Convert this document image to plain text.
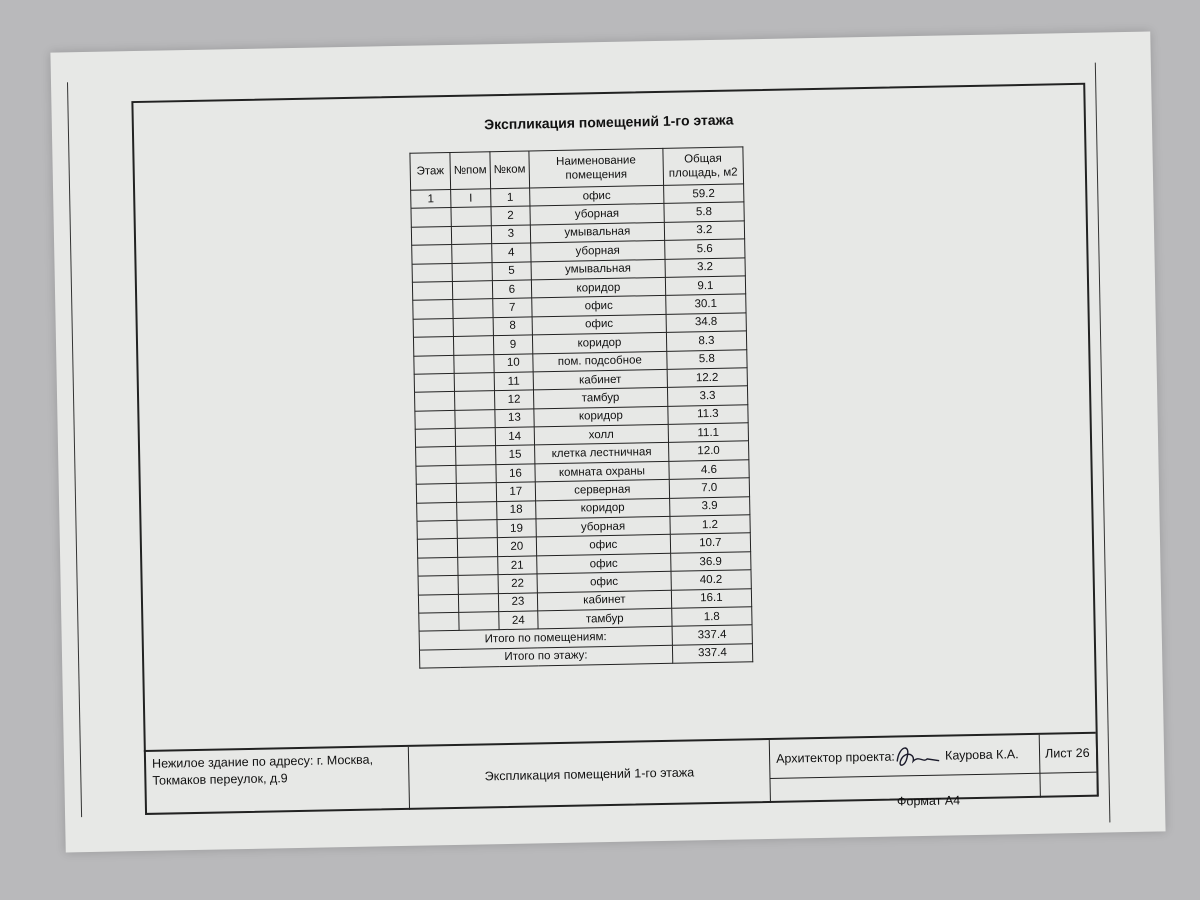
Экспликация помещений 1-го этажа
Этаж	№пом	№ком	Наименование помещения	Общая площадь, м2
1	I	1	офис	59.2
		2	уборная	5.8
		3	умывальная	3.2
		4	уборная	5.6
		5	умывальная	3.2
		6	коридор	9.1
		7	офис	30.1
		8	офис	34.8
		9	коридор	8.3
		10	пом. подсобное	5.8
		11	кабинет	12.2
		12	тамбур	3.3
		13	коридор	11.3
		14	холл	11.1
		15	клетка лестничная	12.0
		16	комната охраны	4.6
		17	серверная	7.0
		18	коридор	3.9
		19	уборная	1.2
		20	офис	10.7
		21	офис	36.9
		22	офис	40.2
		23	кабинет	16.1
		24	тамбур	1.8
Итого по помещениям:				337.4
Итого по этажу:				337.4
Нежилое здание по адресу: г. Москва,
Токмаков переулок, д.9	Экспликация помещений 1-го этажа
Архитектор проекта:	Каурова К.А. Лист 26
Формат А4
